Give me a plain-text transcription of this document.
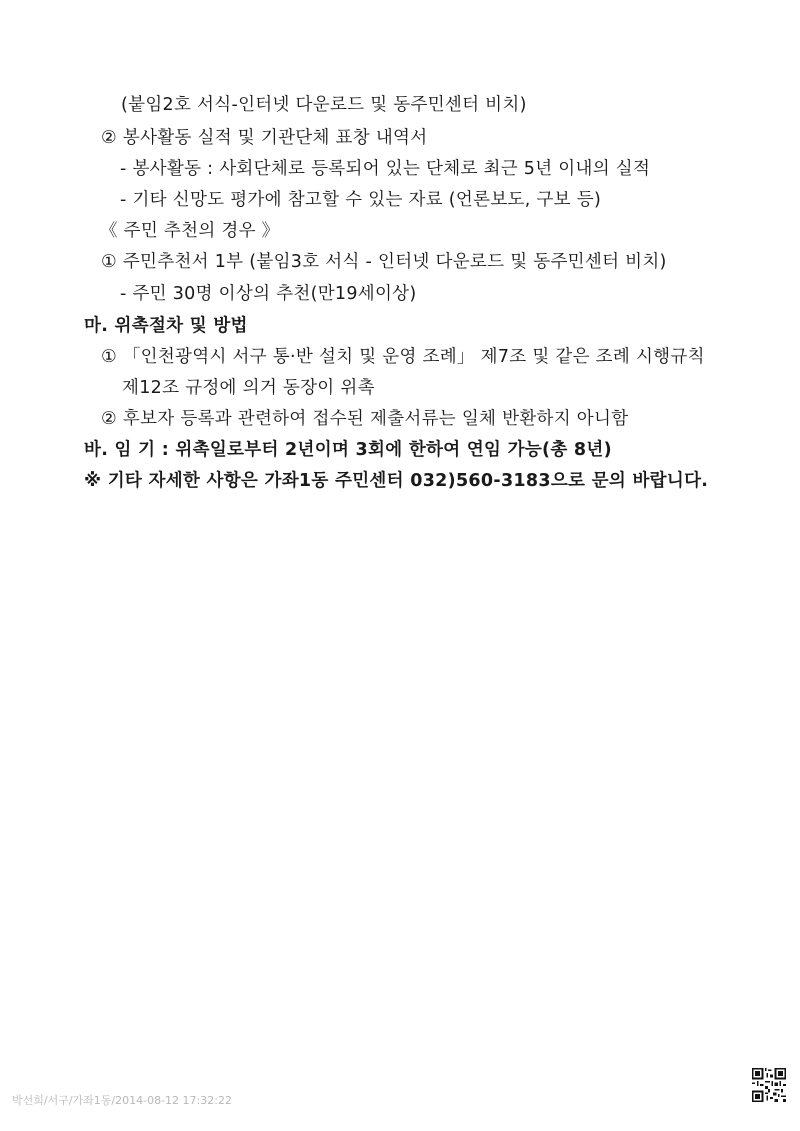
(붙임2호 서식-인터넷 다운로드 및 동주민센터 비치)
② 봉사활동 실적 및 기관단체 표창 내역서
- 봉사활동 : 사회단체로 등록되어 있는 단체로 최근 5년 이내의 실적
- 기타 신망도 평가에 참고할 수 있는 자료 (언론보도, 구보 등)
《 주민 추천의 경우 》
① 주민추천서 1부 (붙임3호 서식 - 인터넷 다운로드 및 동주민센터 비치)
- 주민 30명 이상의 추천(만19세이상)
마. 위촉절차 및 방법
① 「인천광역시 서구 통·반 설치 및 운영 조례」 제7조 및 같은 조례 시행규칙
제12조 규정에 의거 동장이 위촉
② 후보자 등록과 관련하여 접수된 제출서류는 일체 반환하지 아니함
바. 임 기 : 위촉일로부터 2년이며 3회에 한하여 연임 가능(총 8년)
※ 기타 자세한 사항은 가좌1동 주민센터 032)560-3183으로 문의 바랍니다.
박선희/서구/가좌1동/2014-08-12 17:32:22
